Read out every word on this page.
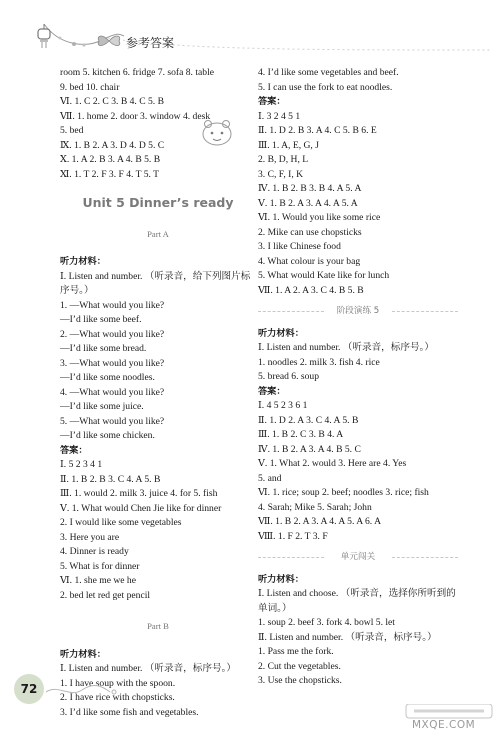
参考答案
room 5. kitchen 6. fridge 7. sofa 8. table
9. bed 10. chair
Ⅵ. 1. C 2. C 3. B 4. C 5. B
Ⅶ. 1. home 2. door 3. window 4. desk
5. bed
Ⅸ. 1. B 2. A 3. D 4. D 5. C
Ⅹ. 1. A 2. B 3. A 4. B 5. B
Ⅺ. 1. T 2. F 3. F 4. T 5. T
Unit 5 Dinner’s ready
Part A
听力材料：
Ⅰ. Listen and number. （听录音，给下列图片标
序号。）
1. —What would you like?
—I’d like some beef.
2. —What would you like?
—I’d like some bread.
3. —What would you like?
—I’d like some noodles.
4. —What would you like?
—I’d like some juice.
5. —What would you like?
—I’d like some chicken.
答案：
Ⅰ. 5 2 3 4 1
Ⅱ. 1. B 2. B 3. C 4. A 5. B
Ⅲ. 1. would 2. milk 3. juice 4. for 5. fish
Ⅴ. 1. What would Chen Jie like for dinner
2. I would like some vegetables
3. Here you are
4. Dinner is ready
5. What is for dinner
Ⅵ. 1. she me we he
2. bed let red get pencil
Part B
听力材料：
Ⅰ. Listen and number. （听录音，标序号。）
1. I have soup with the spoon.
2. I have rice with chopsticks.
3. I’d like some fish and vegetables.
4. I’d like some vegetables and beef.
5. I can use the fork to eat noodles.
答案：
Ⅰ. 3 2 4 5 1
Ⅱ. 1. D 2. B 3. A 4. C 5. B 6. E
Ⅲ. 1. A, E, G, J
2. B, D, H, L
3. C, F, I, K
Ⅳ. 1. B 2. B 3. B 4. A 5. A
Ⅴ. 1. B 2. A 3. A 4. A 5. A
Ⅵ. 1. Would you like some rice
2. Mike can use chopsticks
3. I like Chinese food
4. What colour is your bag
5. What would Kate like for lunch
Ⅶ. 1. A 2. A 3. C 4. B 5. B
阶段演练 5
听力材料：
Ⅰ. Listen and number. （听录音，标序号。）
1. noodles 2. milk 3. fish 4. rice
5. bread 6. soup
答案：
Ⅰ. 4 5 2 3 6 1
Ⅱ. 1. D 2. A 3. C 4. A 5. B
Ⅲ. 1. B 2. C 3. B 4. A
Ⅳ. 1. B 2. A 3. A 4. B 5. C
Ⅴ. 1. What 2. would 3. Here are 4. Yes
5. and
Ⅵ. 1. rice; soup 2. beef; noodles 3. rice; fish
4. Sarah; Mike 5. Sarah; John
Ⅶ. 1. B 2. A 3. A 4. A 5. A 6. A
Ⅷ. 1. F 2. T 3. F
单元闯关
听力材料：
Ⅰ. Listen and choose. （听录音，选择你所听到的
单词。）
1. soup 2. beef 3. fork 4. bowl 5. let
Ⅱ. Listen and number. （听录音，标序号。）
1. Pass me the fork.
2. Cut the vegetables.
3. Use the chopsticks.
72
MXQE.COM
